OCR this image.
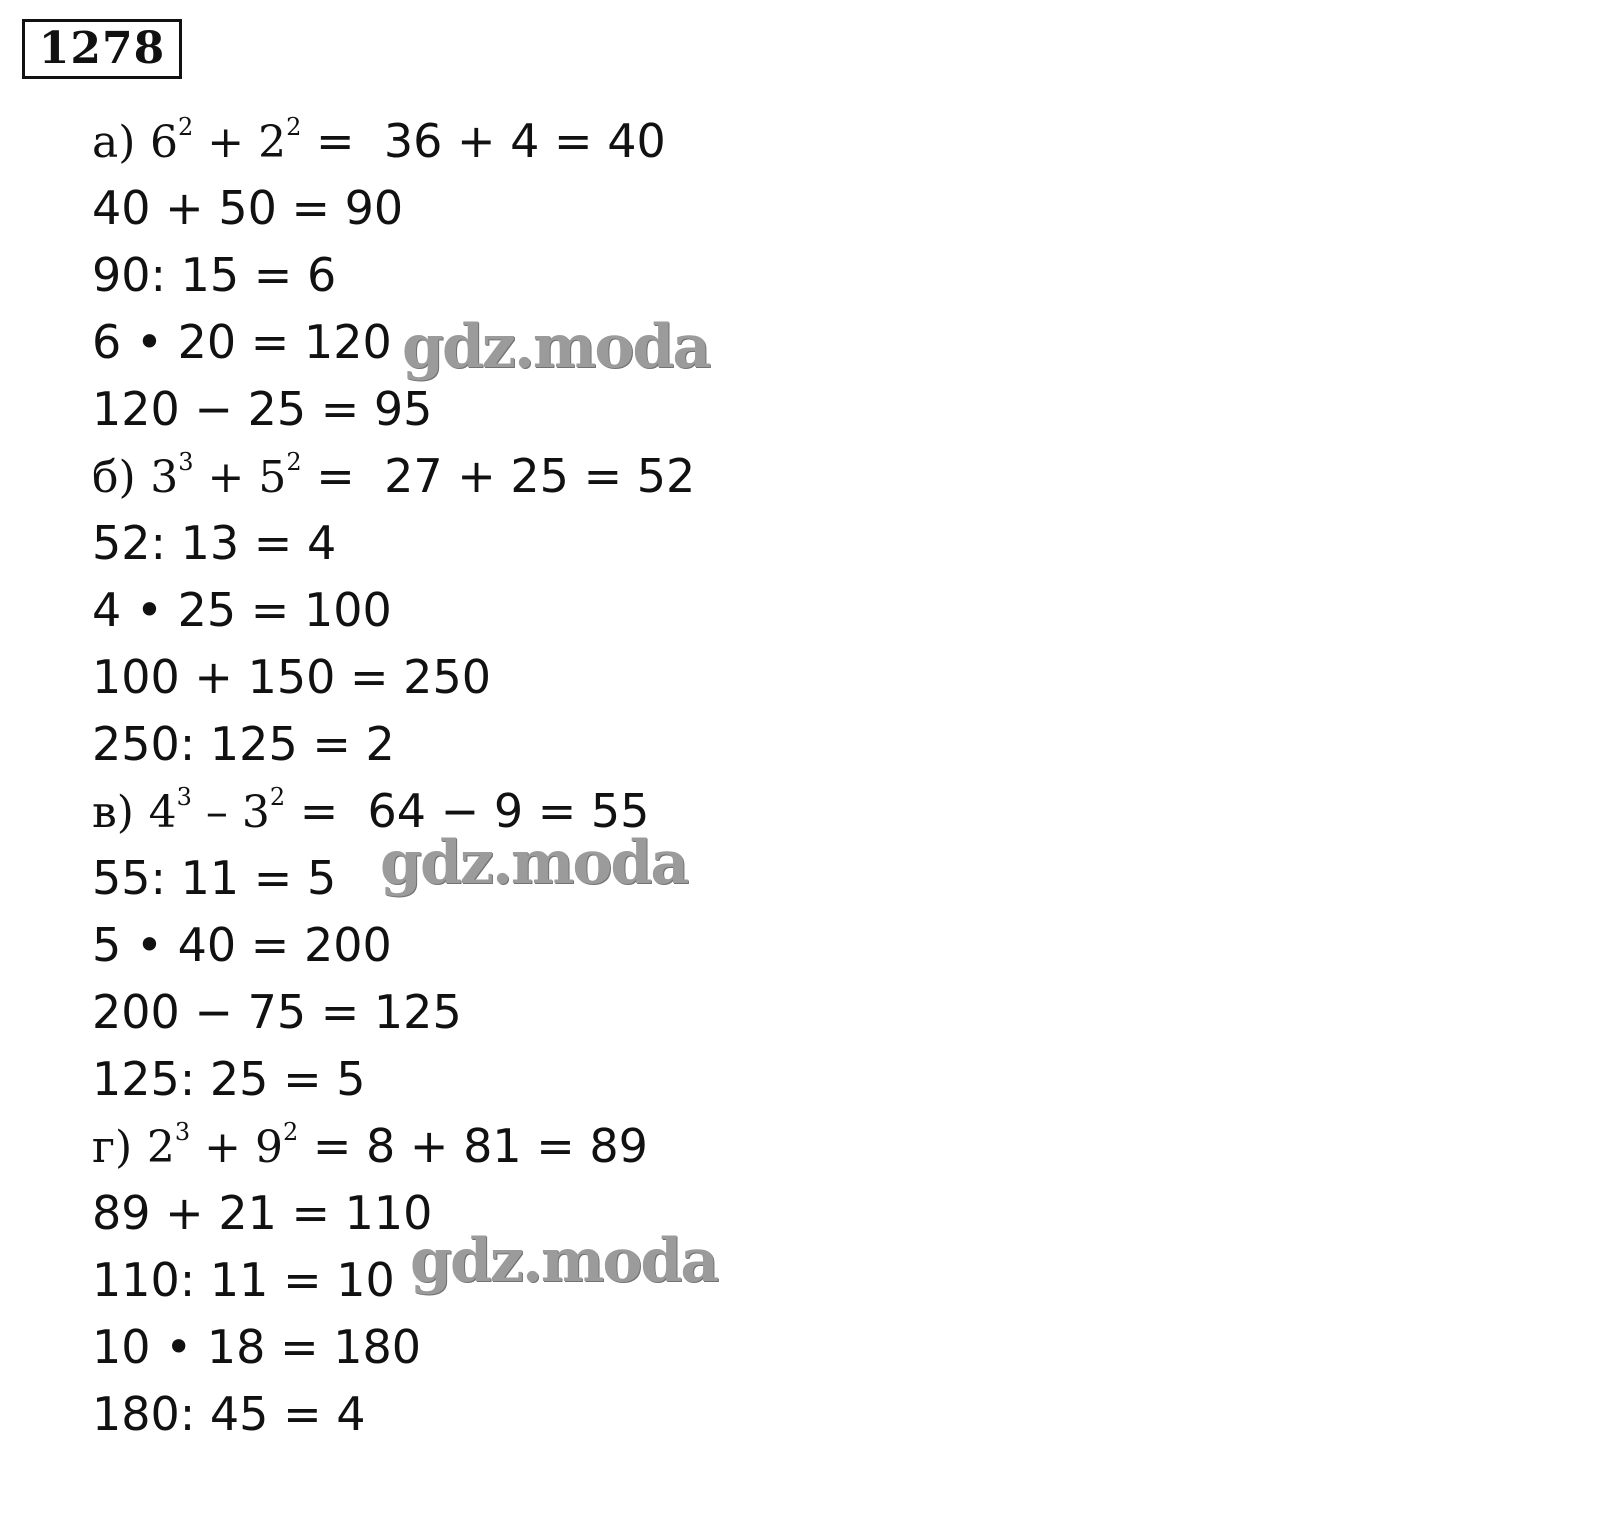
1278
а) $6^2 + 2^2 = 36 + 4 = 40$
40 + 50 = 90
90: 15 = 6
6 • 20 = 120
120 − 25 = 95
б) $3^3 + 5^2 = 27 + 25 = 52$
52: 13 = 4
4 • 25 = 100
100 + 150 = 250
250: 125 = 2
в) $4^3 - 3^2 = 64 - 9 = 55$
55: 11 = 5
5 • 40 = 200
200 − 75 = 125
125: 25 = 5
г) $2^3 + 9^2 = 8 + 81 = 89$
89 + 21 = 110
110: 11 = 10
10 • 18 = 180
180: 45 = 4
gdz.moda
gdz.moda
gdz.moda
